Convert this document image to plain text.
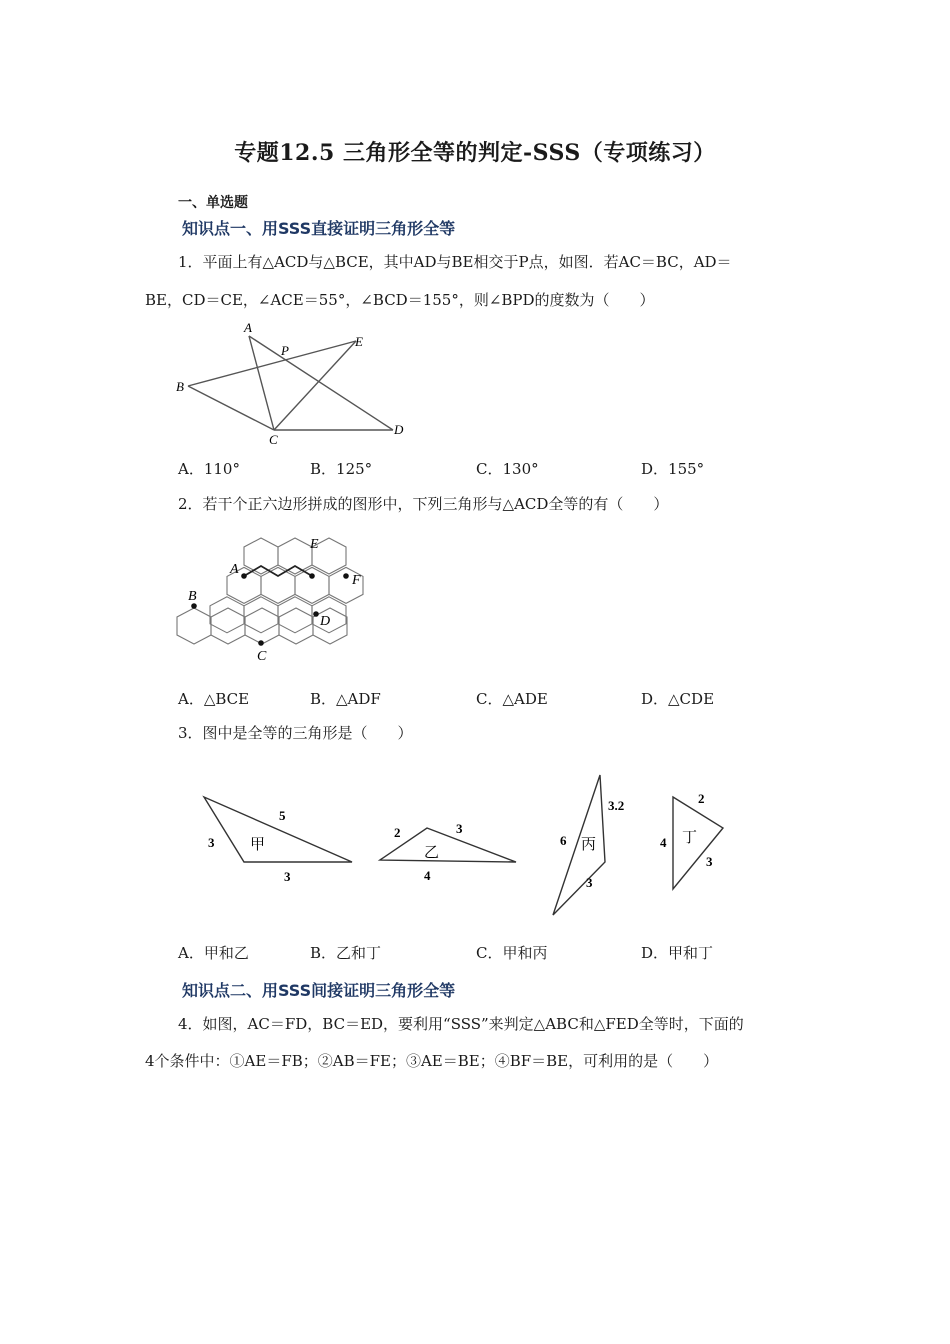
专题12.5 三角形全等的判定-SSS（专项练习）
一、单选题
知识点一、用SSS直接证明三角形全等
1．平面上有△ACD与△BCE，其中AD与BE相交于P点，如图．若AC＝BC，AD＝
BE，CD＝CE，∠ACE＝55°，∠BCD＝155°，则∠BPD的度数为（　　）
A
B
C
D
E
P
A．110°	B．125°	C．130°	D．155°
2．若干个正六边形拼成的图形中，下列三角形与△ACD全等的有（　　）
A
B
C
D
E
F
A．△BCE	B．△ADF	C．△ADE	D．△CDE
3．图中是全等的三角形是（　　）
3
5
3
2	3
4
6
3.2
3
4
2
3
甲	乙	丙	丁
A．甲和乙	B．乙和丁	C．甲和丙	D．甲和丁
知识点二、用SSS间接证明三角形全等
4．如图，AC＝FD，BC＝ED，要利用“SSS”来判定△ABC和△FED全等时，下面的
4个条件中：①AE＝FB；②AB＝FE；③AE＝BE；④BF＝BE，可利用的是（　　）
